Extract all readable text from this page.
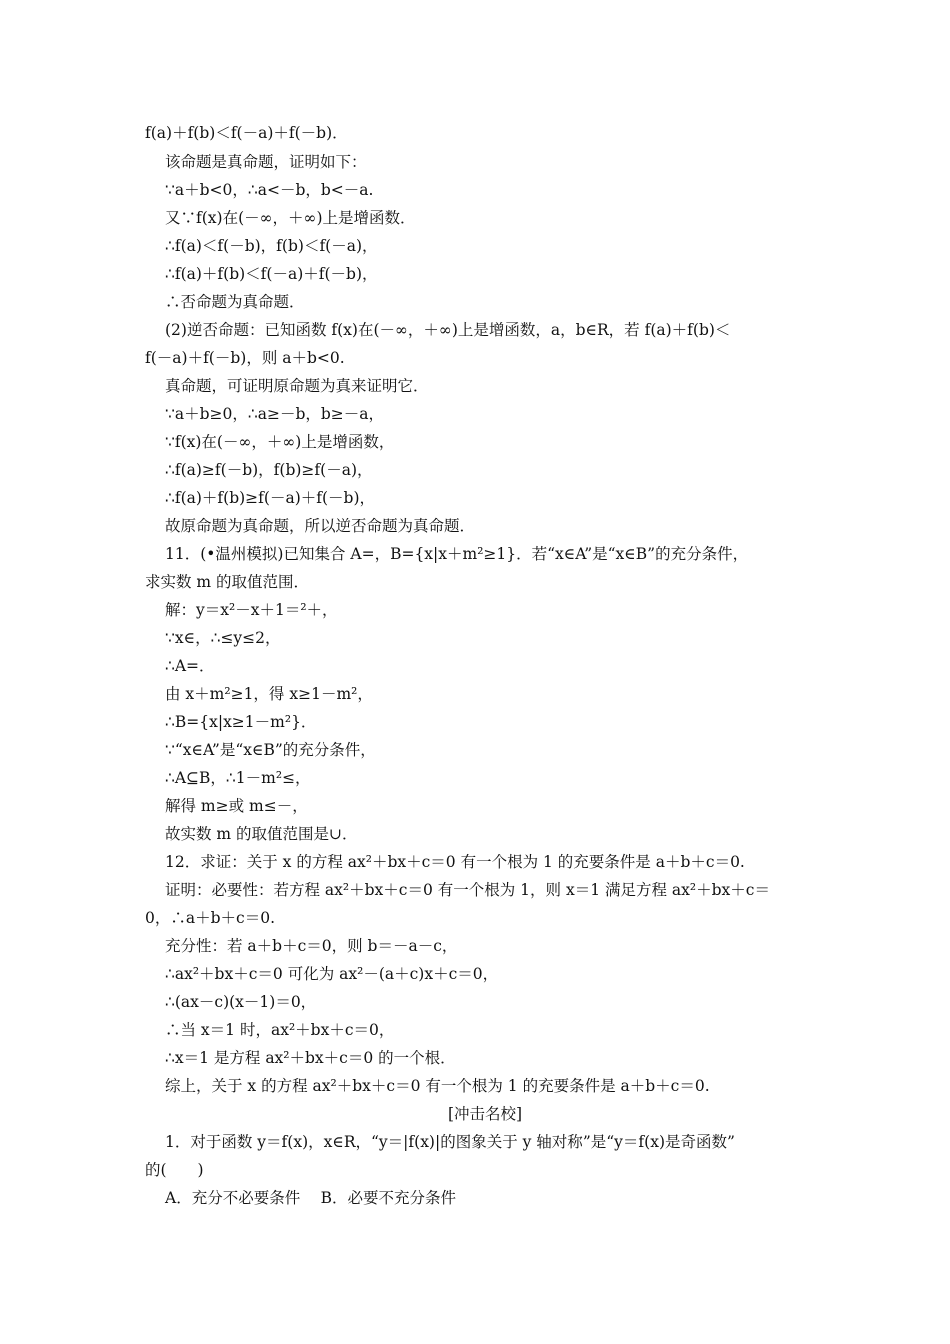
f(a)＋f(b)＜f(－a)＋f(－b)．
该命题是真命题，证明如下：
∵a＋b<0，∴a<－b，b<－a.
又∵f(x)在(－∞，＋∞)上是增函数．
∴f(a)＜f(－b)，f(b)＜f(－a)，
∴f(a)＋f(b)＜f(－a)＋f(－b)，
∴否命题为真命题．
(2)逆否命题：已知函数 f(x)在(－∞，＋∞)上是增函数，a，b∈R，若 f(a)＋f(b)＜
f(－a)＋f(－b)，则 a＋b<0.
真命题，可证明原命题为真来证明它．
∵a＋b≥0，∴a≥－b，b≥－a，
∵f(x)在(－∞，＋∞)上是增函数，
∴f(a)≥f(－b)，f(b)≥f(－a)，
∴f(a)＋f(b)≥f(－a)＋f(－b)，
故原命题为真命题，所以逆否命题为真命题．
11．(•温州模拟)已知集合 A=，B={x|x＋m²≥1}．若“x∈A”是“x∈B”的充分条件，
求实数 m 的取值范围．
解：y＝x²－x＋1＝²＋，
∵x∈，∴≤y≤2，
∴A=．
由 x＋m²≥1，得 x≥1－m²，
∴B={x|x≥1－m²}．
∵“x∈A”是“x∈B”的充分条件，
∴A⊆B，∴1－m²≤，
解得 m≥或 m≤－，
故实数 m 的取值范围是∪．
12．求证：关于 x 的方程 ax²＋bx＋c＝0 有一个根为 1 的充要条件是 a＋b＋c＝0.
证明：必要性：若方程 ax²＋bx＋c＝0 有一个根为 1，则 x＝1 满足方程 ax²＋bx＋c＝
0，∴a＋b＋c＝0.
充分性：若 a＋b＋c＝0，则 b＝－a－c，
∴ax²＋bx＋c＝0 可化为 ax²－(a＋c)x＋c＝0，
∴(ax－c)(x－1)＝0，
∴当 x＝1 时，ax²＋bx＋c＝0，
∴x＝1 是方程 ax²＋bx＋c＝0 的一个根．
综上，关于 x 的方程 ax²＋bx＋c＝0 有一个根为 1 的充要条件是 a＋b＋c＝0.
[冲击名校]
1．对于函数 y＝f(x)，x∈R，“y＝|f(x)|的图象关于 y 轴对称”是“y＝f(x)是奇函数”
的(　　)
A．充分不必要条件　 B．必要不充分条件
